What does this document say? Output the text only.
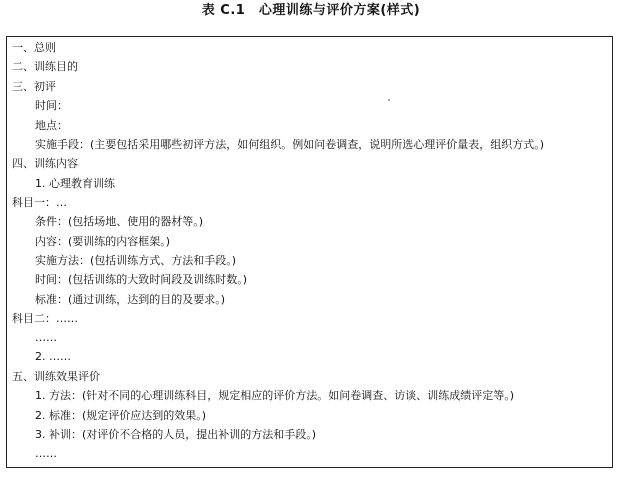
表 C.1　心理训练与评价方案(样式)
一、总则
二、训练目的
三、初评
时间：
地点：
实施手段：(主要包括采用哪些初评方法，如何组织。例如问卷调查，说明所选心理评价量表，组织方式。)
四、训练内容
1. 心理教育训练
科目一：…
条件：(包括场地、使用的器材等。)
内容：(要训练的内容框架。)
实施方法：(包括训练方式、方法和手段。)
时间：(包括训练的大致时间段及训练时数。)
标准：(通过训练，达到的目的及要求。)
科目二：……
……
2. ……
五、训练效果评价
1. 方法：(针对不同的心理训练科目，规定相应的评价方法。如问卷调查、访谈、训练成绩评定等。)
2. 标准：(规定评价应达到的效果。)
3. 补训：(对评价不合格的人员，提出补训的方法和手段。)
……
